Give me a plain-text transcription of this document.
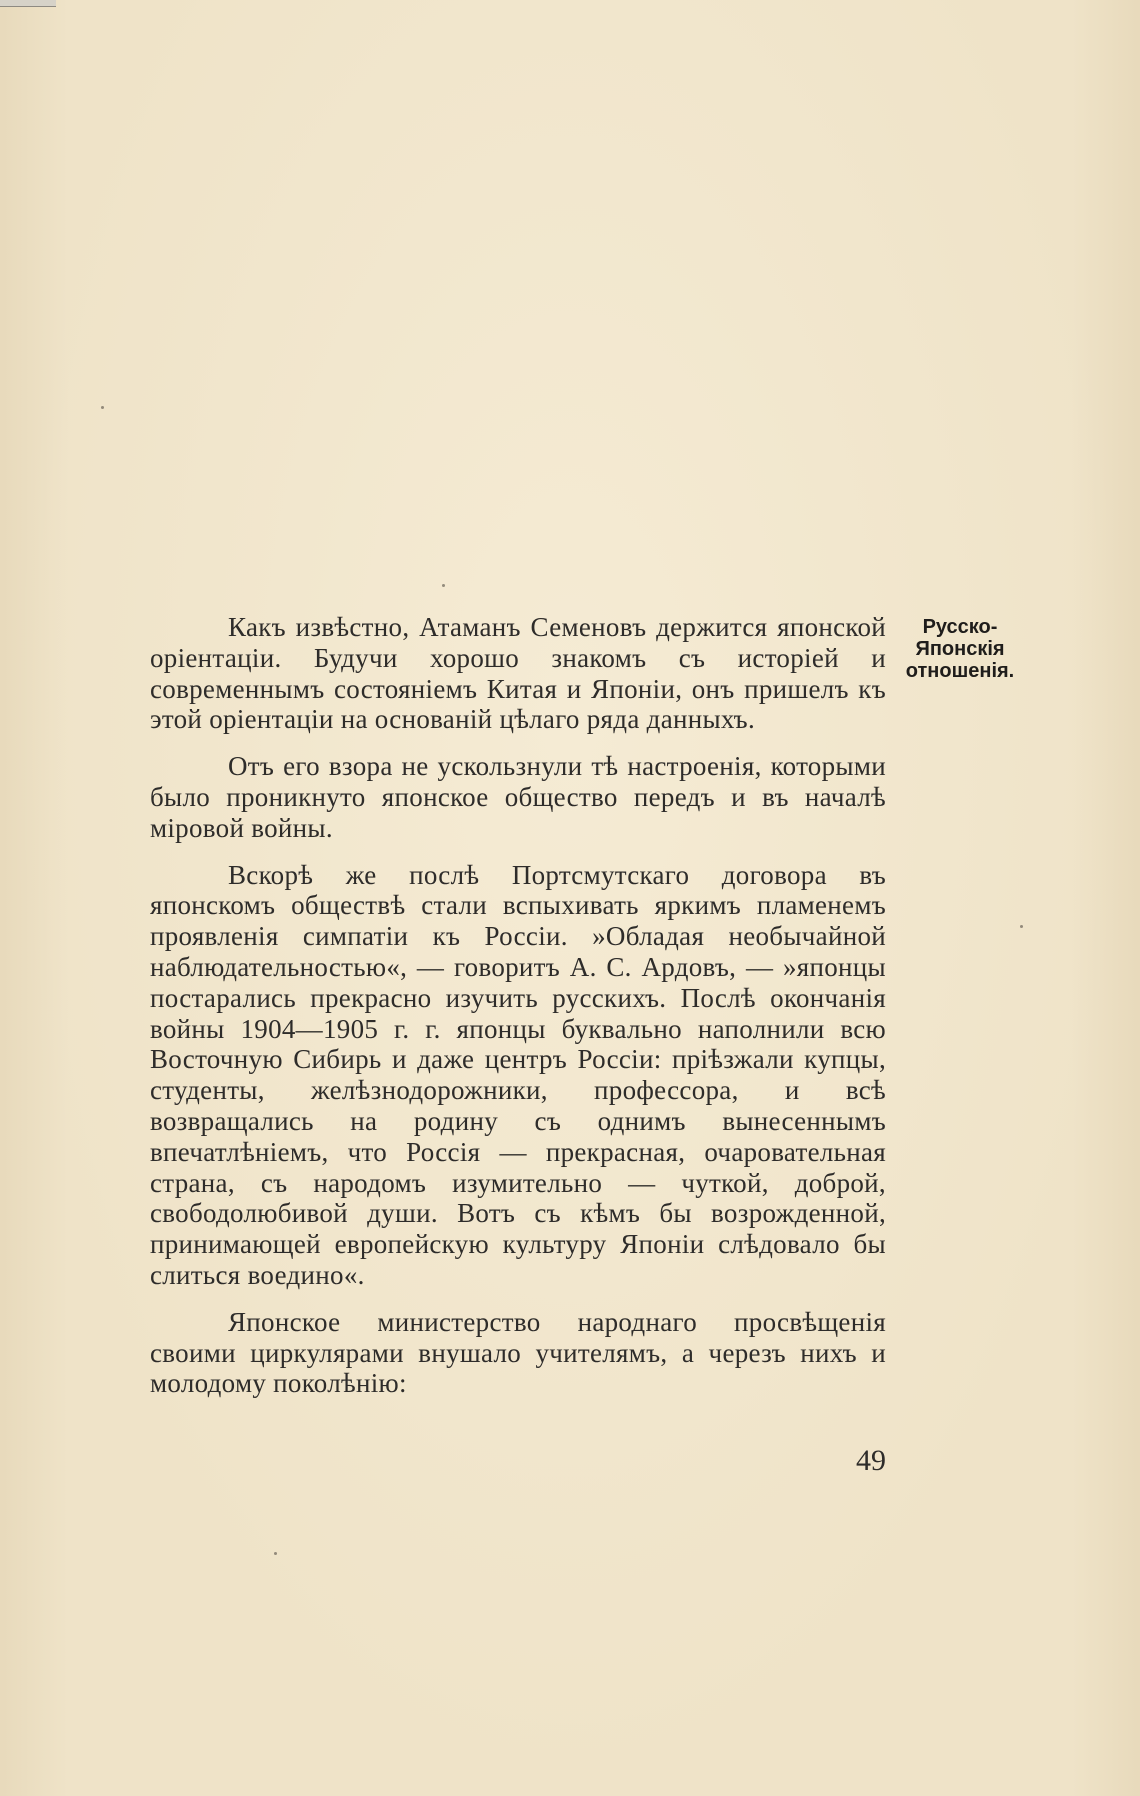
Какъ извѣстно, Атаманъ Семеновъ держится японской оріентаціи. Будучи хорошо знакомъ съ исторіей и современнымъ состояніемъ Китая и Японіи, онъ пришелъ къ этой оріентаціи на основаній цѣлаго ряда данныхъ.

Отъ его взора не ускользнули тѣ настроенія, которыми было проникнуто японское общество передъ и въ началѣ міровой войны.

Вскорѣ же послѣ Портсмутскаго договора въ японскомъ обществѣ стали вспыхивать яркимъ пламенемъ проявленія симпатіи къ Россіи. »Обладая необычайной наблюдательностью«, — говоритъ А. С. Ардовъ, — »японцы постарались прекрасно изучить русскихъ. Послѣ окончанія войны 1904—1905 г. г. японцы буквально наполнили всю Восточную Сибирь и даже центръ Россіи: пріѣзжали купцы, студенты, желѣзнодорожники, профессора, и всѣ возвращались на родину съ однимъ вынесеннымъ впечатлѣніемъ, что Россія — прекрасная, очаровательная страна, съ народомъ изумительно — чуткой, доброй, свободолюбивой души. Вотъ съ кѣмъ бы возрожденной, принимающей европейскую культуру Японіи слѣдовало бы слиться воедино«.

Японское министерство народнаго просвѣщенія своими циркулярами внушало учителямъ, а черезъ нихъ и молодому поколѣнію:

Русско-
Японскія
отношенія.
49
